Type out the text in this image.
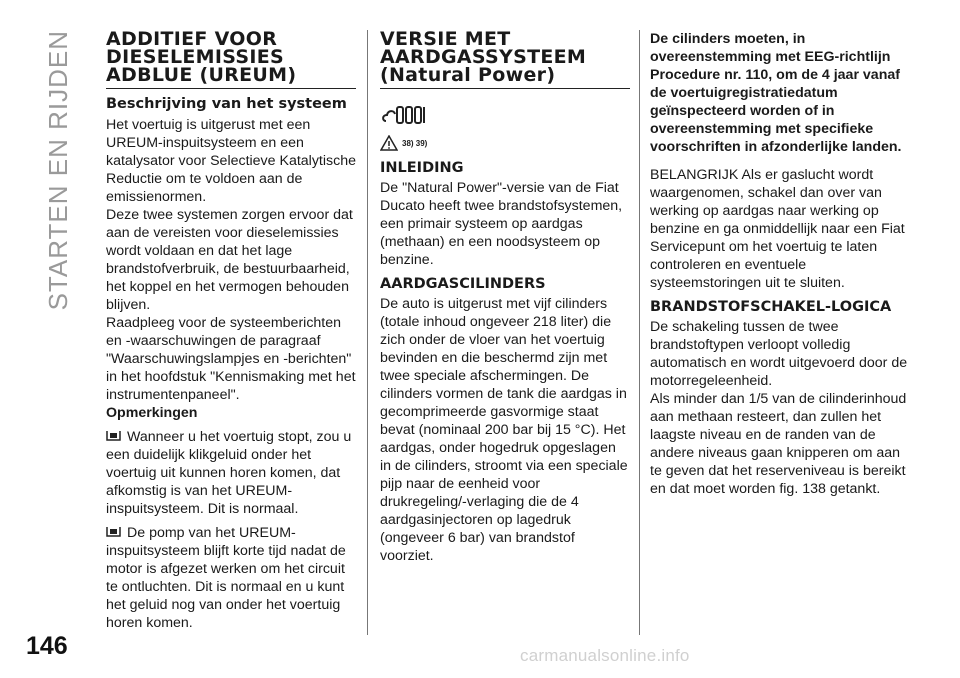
STARTEN EN RIJDEN	ADDITIEF VOOR DIESELEMISSIES ADBLUE (UREUM)
Beschrijving van het systeem

Het voertuig is uitgerust met een UREUM-inspuitsysteem en een katalysator voor Selectieve Katalytische Reductie om te voldoen aan de emissienormen.

Deze twee systemen zorgen ervoor dat aan de vereisten voor dieselemissies wordt voldaan en dat het lage brandstofverbruik, de bestuurbaarheid, het koppel en het vermogen behouden blijven.

Raadpleeg voor de systeemberichten en -waarschuwingen de paragraaf "Waarschuwingslampjes en -berichten" in het hoofdstuk "Kennismaking met het instrumentenpaneel".

Opmerkingen

Wanneer u het voertuig stopt, zou u een duidelijk klikgeluid onder het voertuig uit kunnen horen komen, dat afkomstig is van het UREUM-inspuitsysteem. Dit is normaal.

De pomp van het UREUM-inspuitsysteem blijft korte tijd nadat de motor is afgezet werken om het circuit te ontluchten. Dit is normaal en u kunt het geluid nog van onder het voertuig horen komen.

VERSIE MET AARDGASSYSTEEM (Natural Power)
38) 39)
INLEIDING

De "Natural Power"-versie van de Fiat Ducato heeft twee brandstofsystemen, een primair systeem op aardgas (methaan) en een noodsysteem op benzine.

AARDGASCILINDERS

De auto is uitgerust met vijf cilinders (totale inhoud ongeveer 218 liter) die zich onder de vloer van het voertuig bevinden en die beschermd zijn met twee speciale afschermingen. De cilinders vormen de tank die aardgas in gecomprimeerde gasvormige staat bevat (nominaal 200 bar bij 15 °C). Het aardgas, onder hogedruk opgeslagen in de cilinders, stroomt via een speciale pijp naar de eenheid voor drukregeling/-verlaging die de 4 aardgasinjectoren op lagedruk (ongeveer 6 bar) van brandstof voorziet.

De cilinders moeten, in overeenstemming met EEG-richtlijn Procedure nr. 110, om de 4 jaar vanaf de voertuigregistratiedatum geïnspecteerd worden of in overeenstemming met specifieke voorschriften in afzonderlijke landen.

BELANGRIJK Als er gaslucht wordt waargenomen, schakel dan over van werking op aardgas naar werking op benzine en ga onmiddellijk naar een Fiat Servicepunt om het voertuig te laten controleren en eventuele systeemstoringen uit te sluiten.

BRANDSTOFSCHAKEL-LOGICA

De schakeling tussen de twee brandstoftypen verloopt volledig automatisch en wordt uitgevoerd door de motorregeleenheid.

Als minder dan 1/5 van de cilinderinhoud aan methaan resteert, dan zullen het laagste niveau en de randen van de andere niveaus gaan knipperen om aan te geven dat het reserveniveau is bereikt en dat moet worden fig. 138 getankt.

146	carmanualsonline.info
